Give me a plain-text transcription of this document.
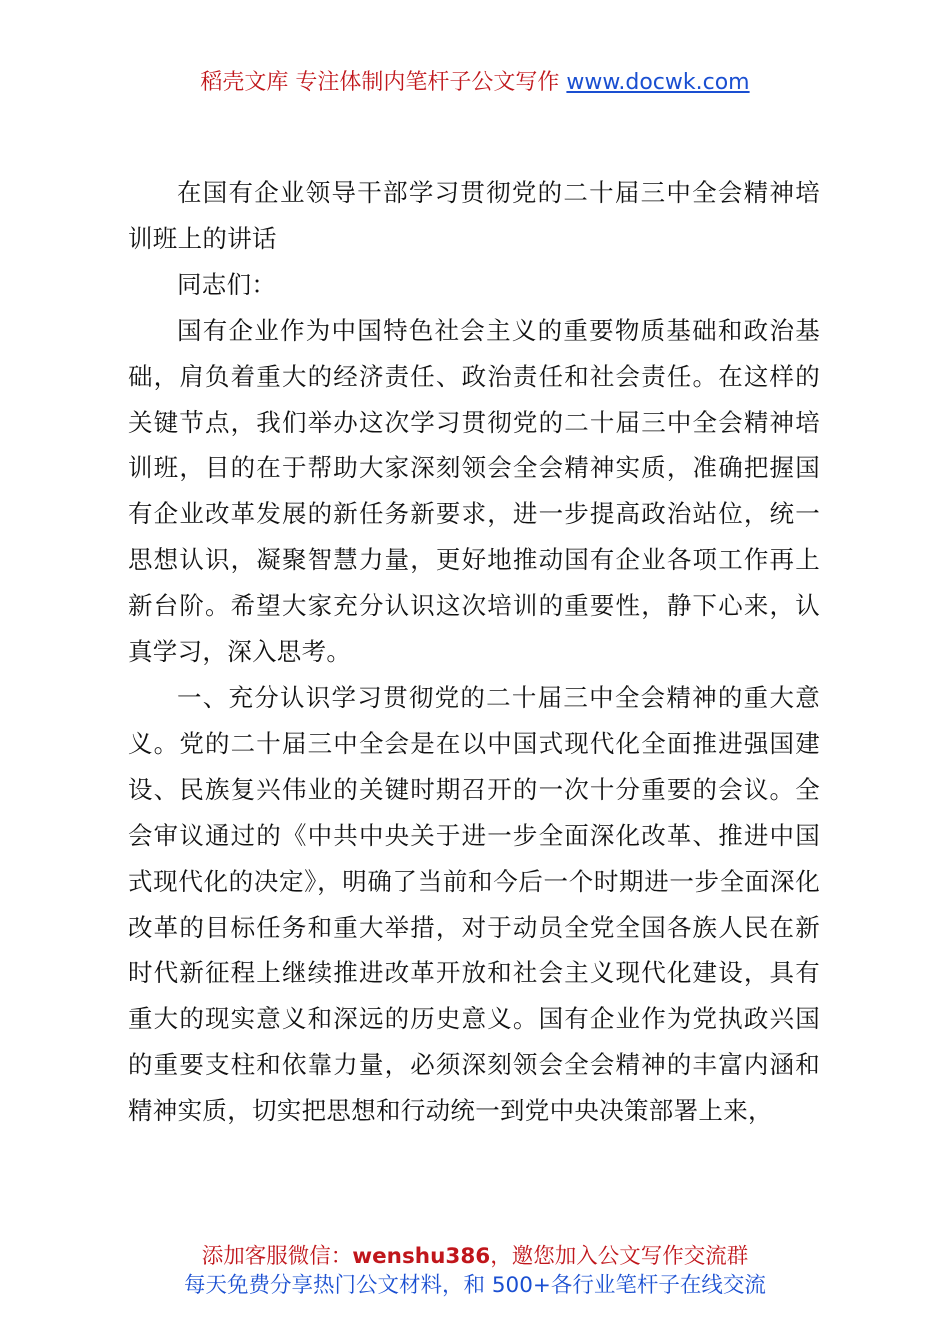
稻壳文库 专注体制内笔杆子公文写作 www.docwk.com

在国有企业领导干部学习贯彻党的二十届三中全会精神培训班上的讲话

同志们：

国有企业作为中国特色社会主义的重要物质基础和政治基础，肩负着重大的经济责任、政治责任和社会责任。在这样的关键节点，我们举办这次学习贯彻党的二十届三中全会精神培训班，目的在于帮助大家深刻领会全会精神实质，准确把握国有企业改革发展的新任务新要求，进一步提高政治站位，统一思想认识，凝聚智慧力量，更好地推动国有企业各项工作再上新台阶。希望大家充分认识这次培训的重要性，静下心来，认真学习，深入思考。

一、充分认识学习贯彻党的二十届三中全会精神的重大意义。党的二十届三中全会是在以中国式现代化全面推进强国建设、民族复兴伟业的关键时期召开的一次十分重要的会议。全会审议通过的《中共中央关于进一步全面深化改革、推进中国式现代化的决定》，明确了当前和今后一个时期进一步全面深化改革的目标任务和重大举措，对于动员全党全国各族人民在新时代新征程上继续推进改革开放和社会主义现代化建设，具有重大的现实意义和深远的历史意义。国有企业作为党执政兴国的重要支柱和依靠力量，必须深刻领会全会精神的丰富内涵和精神实质，切实把思想和行动统一到党中央决策部署上来，

添加客服微信：wenshu386，邀您加入公文写作交流群
每天免费分享热门公文材料，和 500+各行业笔杆子在线交流
